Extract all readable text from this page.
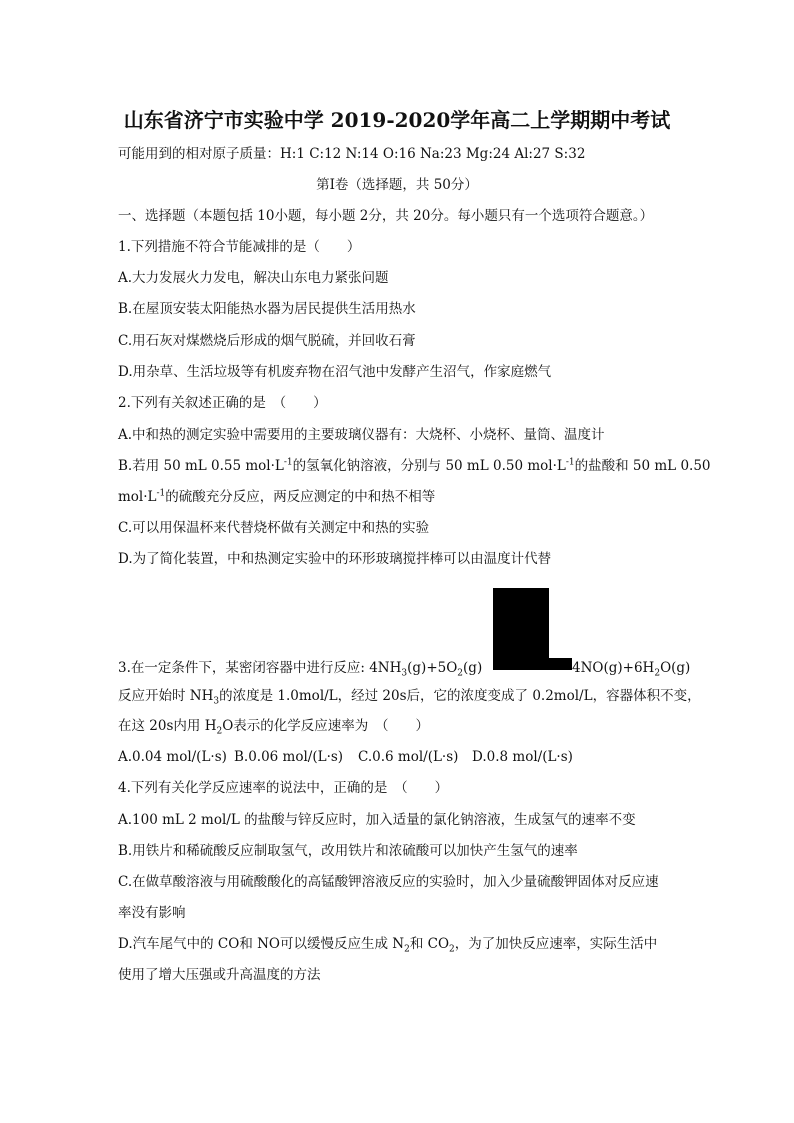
山东省济宁市实验中学 2019-2020学年高二上学期期中考试
可能用到的相对原子质量：H:1 C:12 N:14 O:16 Na:23 Mg:24 Al:27 S:32
第Ⅰ卷（选择题，共 50分）
一、选择题（本题包括 10小题，每小题 2分，共 20分。每小题只有一个选项符合题意。）
1.下列措施不符合节能减排的是（　　）
A.大力发展火力发电，解决山东电力紧张问题
B.在屋顶安装太阳能热水器为居民提供生活用热水
C.用石灰对煤燃烧后形成的烟气脱硫，并回收石膏
D.用杂草、生活垃圾等有机废弃物在沼气池中发酵产生沼气，作家庭燃气
2.下列有关叙述正确的是　（　　）
A.中和热的测定实验中需要用的主要玻璃仪器有：大烧杯、小烧杯、量筒、温度计
B.若用 50 mL 0.55 $mol\cdot L^{-1}$的氢氧化钠溶液，分别与 50 mL 0.50 $mol\cdot L^{-1}$的盐酸和 50 mL 0.50
$mol\cdot L^{-1}$的硫酸充分反应，两反应测定的中和热不相等
C.可以用保温杯来代替烧杯做有关测定中和热的实验
D.为了简化装置，中和热测定实验中的环形玻璃搅拌棒可以由温度计代替
3.在一定条件下，某密闭容器中进行反应: $4NH_3(g)+5O_2(g)$	$4NO(g)+6H_2O(g)$
反应开始时 $NH_3$的浓度是 1.0mol/L，经过 20s后，它的浓度变成了 0.2mol/L，容器体积不变，
在这 20s内用 $H_2O$表示的化学反应速率为　（　　）
A.0.04 mol/(L·s) B.0.06 mol/(L·s) C.0.6 mol/(L·s) D.0.8 mol/(L·s)
4.下列有关化学反应速率的说法中，正确的是　（　　）
A.100 mL 2 mol/L 的盐酸与锌反应时，加入适量的氯化钠溶液，生成氢气的速率不变
B.用铁片和稀硫酸反应制取氢气，改用铁片和浓硫酸可以加快产生氢气的速率
C.在做草酸溶液与用硫酸酸化的高锰酸钾溶液反应的实验时，加入少量硫酸钾固体对反应速
率没有影响
D.汽车尾气中的 CO和 NO可以缓慢反应生成 $N_2$和 $CO_2$，为了加快反应速率，实际生活中
使用了增大压强或升高温度的方法
